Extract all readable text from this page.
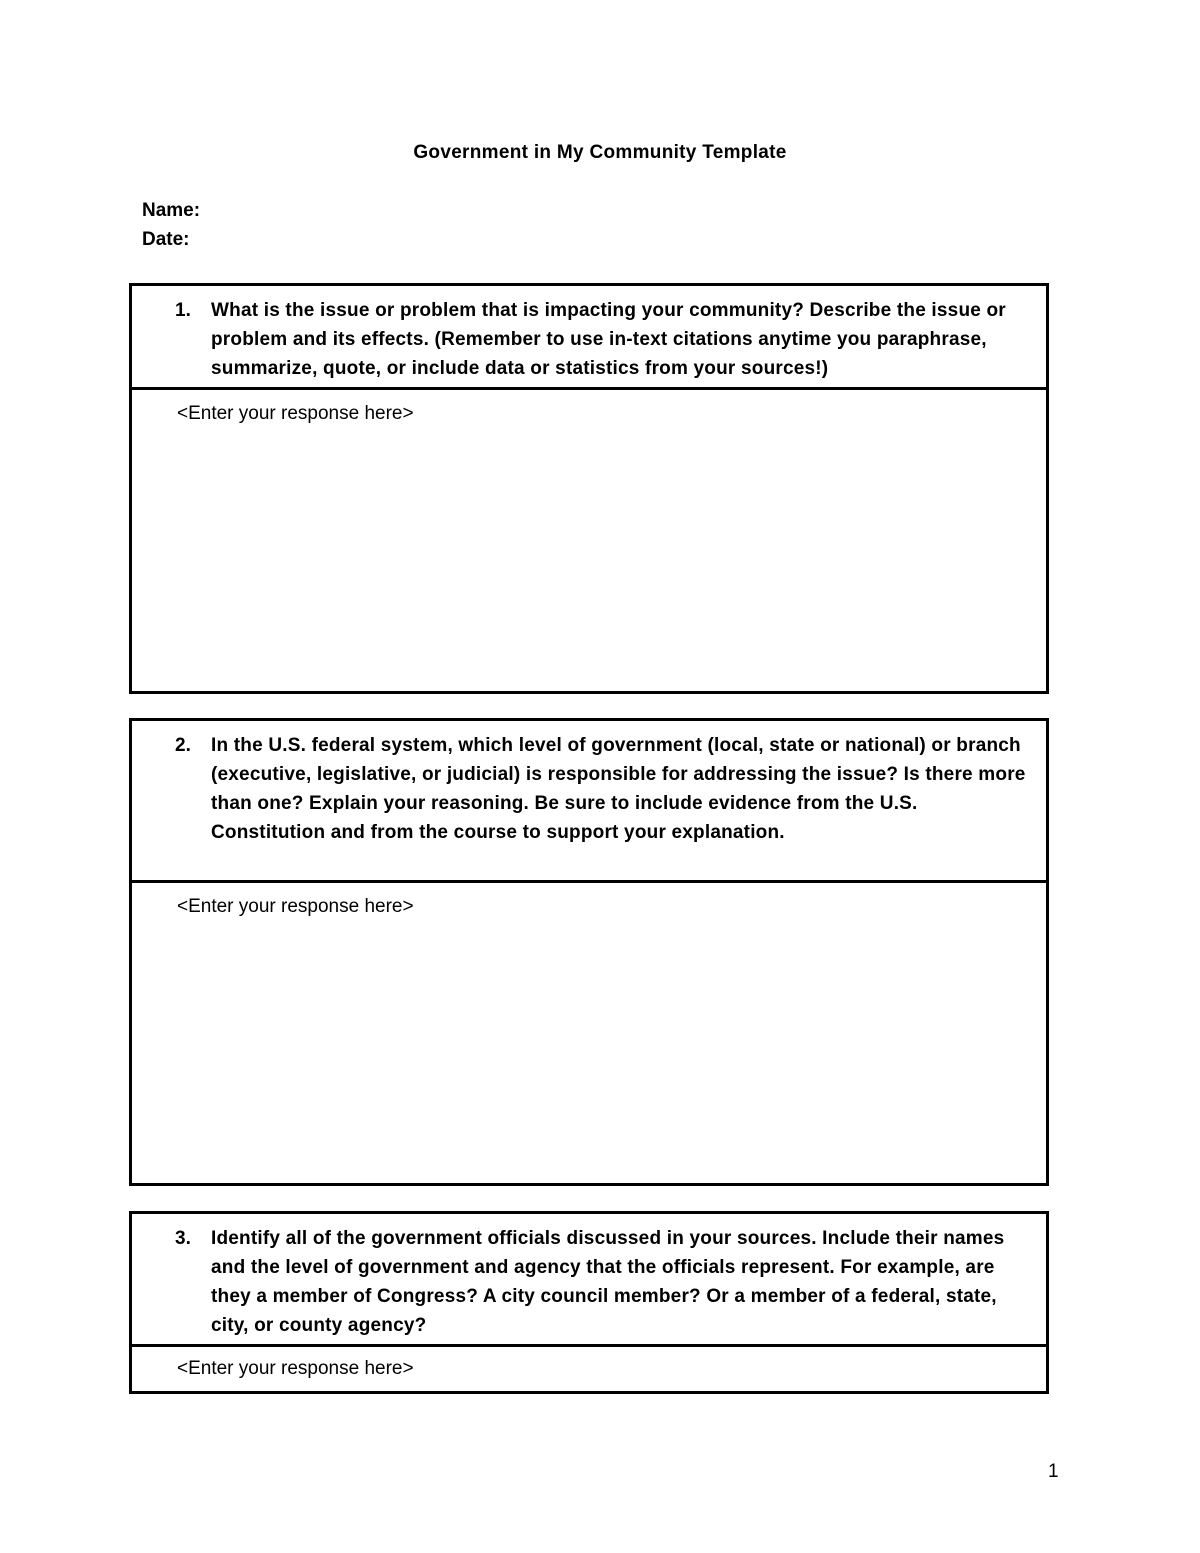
Government in My Community Template
Name:
Date:
1. What is the issue or problem that is impacting your community? Describe the issue or problem and its effects. (Remember to use in-text citations anytime you paraphrase, summarize, quote, or include data or statistics from your sources!)
<Enter your response here>
2. In the U.S. federal system, which level of government (local, state or national) or branch (executive, legislative, or judicial) is responsible for addressing the issue? Is there more than one? Explain your reasoning. Be sure to include evidence from the U.S. Constitution and from the course to support your explanation.
<Enter your response here>
3. Identify all of the government officials discussed in your sources. Include their names and the level of government and agency that the officials represent. For example, are they a member of Congress? A city council member? Or a member of a federal, state, city, or county agency?
<Enter your response here>
1
